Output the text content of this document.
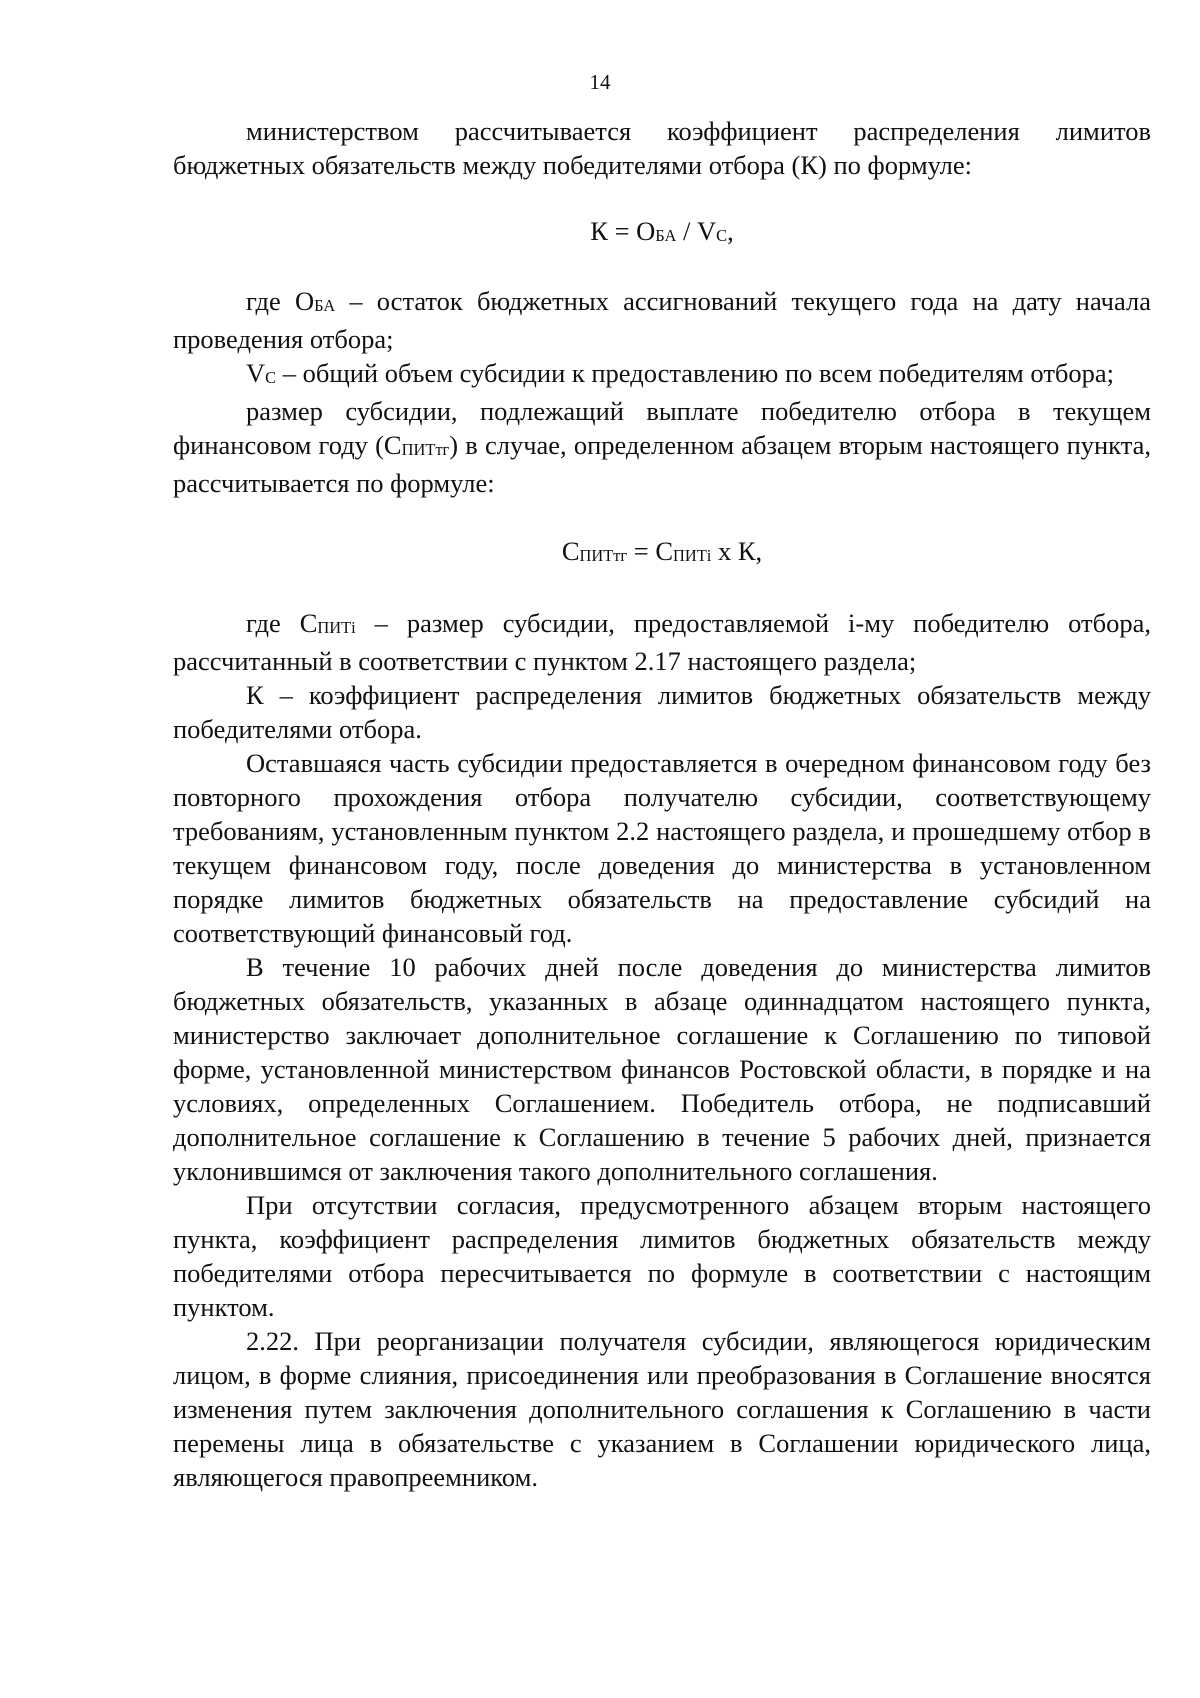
14

министерством рассчитывается коэффициент распределения лимитов бюджетных обязательств между победителями отбора (К) по формуле:

$К = О_{БА} / V_С$,

где $О_{БА}$ – остаток бюджетных ассигнований текущего года на дату начала проведения отбора;

$V_С$ – общий объем субсидии к предоставлению по всем победителям отбора;

размер субсидии, подлежащий выплате победителю отбора в текущем финансовом году $(С_{ПИТтг})$ в случае, определенном абзацем вторым настоящего пункта, рассчитывается по формуле:

$С_{ПИТтг} = С_{ПИТi}$ х К,

где $С_{ПИТi}$ – размер субсидии, предоставляемой i-му победителю отбора, рассчитанный в соответствии с пунктом 2.17 настоящего раздела;

К – коэффициент распределения лимитов бюджетных обязательств между победителями отбора.

Оставшаяся часть субсидии предоставляется в очередном финансовом году без повторного прохождения отбора получателю субсидии, соответствующему требованиям, установленным пунктом 2.2 настоящего раздела, и прошедшему отбор в текущем финансовом году, после доведения до министерства в установленном порядке лимитов бюджетных обязательств на предоставление субсидий на соответствующий финансовый год.

В течение 10 рабочих дней после доведения до министерства лимитов бюджетных обязательств, указанных в абзаце одиннадцатом настоящего пункта, министерство заключает дополнительное соглашение к Соглашению по типовой форме, установленной министерством финансов Ростовской области, в порядке и на условиях, определенных Соглашением. Победитель отбора, не подписавший дополнительное соглашение к Соглашению в течение 5 рабочих дней, признается уклонившимся от заключения такого дополнительного соглашения.

При отсутствии согласия, предусмотренного абзацем вторым настоящего пункта, коэффициент распределения лимитов бюджетных обязательств между победителями отбора пересчитывается по формуле в соответствии с настоящим пунктом.

2.22. При реорганизации получателя субсидии, являющегося юридическим лицом, в форме слияния, присоединения или преобразования в Соглашение вносятся изменения путем заключения дополнительного соглашения к Соглашению в части перемены лица в обязательстве с указанием в Соглашении юридического лица, являющегося правопреемником.
